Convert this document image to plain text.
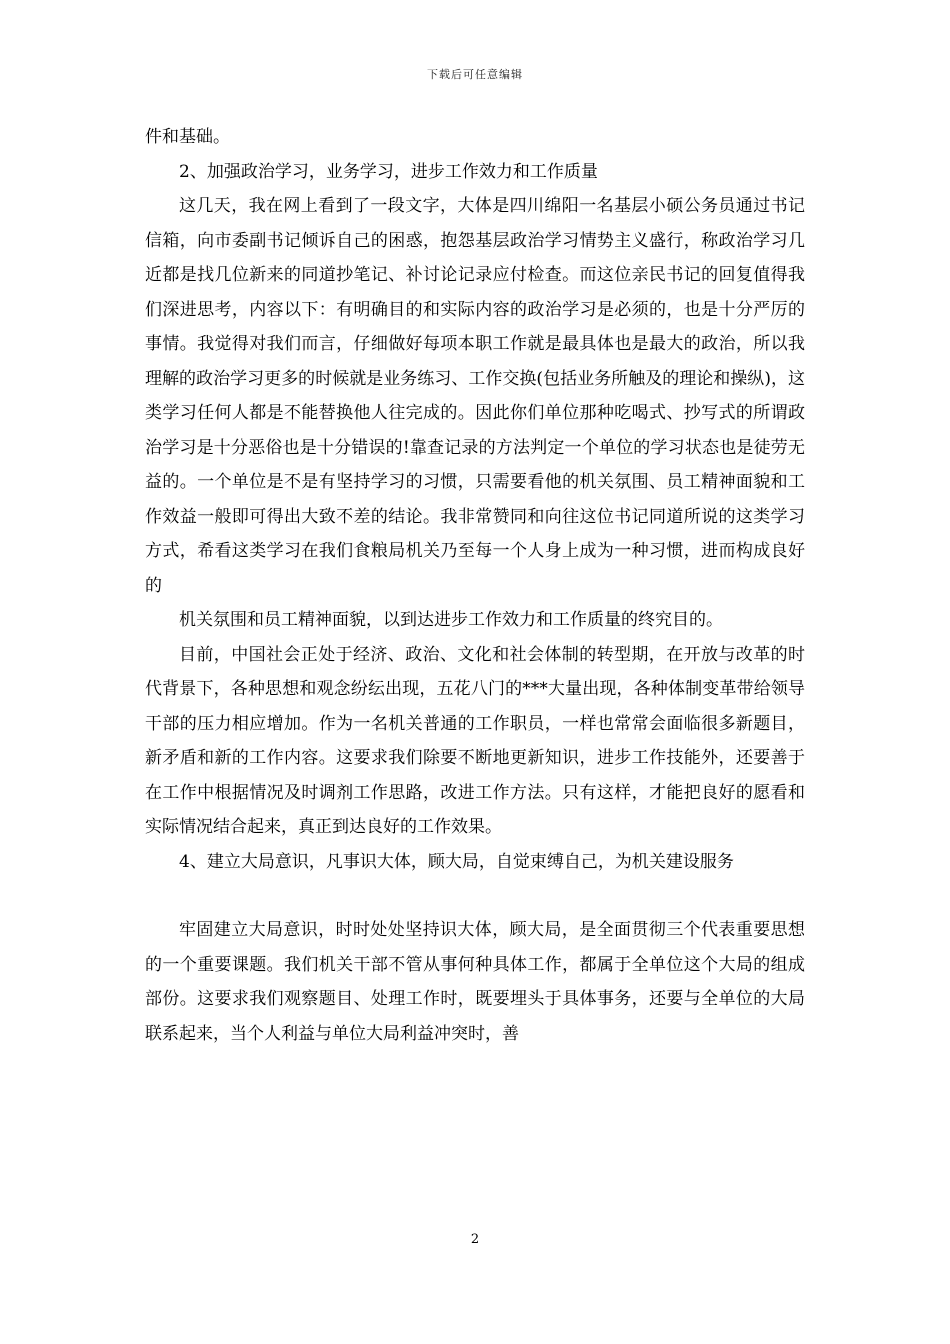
下载后可任意编辑

件和基础。

2、加强政治学习，业务学习，进步工作效力和工作质量

这几天，我在网上看到了一段文字，大体是四川绵阳一名基层小硕公务员通过书记信箱，向市委副书记倾诉自己的困惑，抱怨基层政治学习情势主义盛行，称政治学习几近都是找几位新来的同道抄笔记、补讨论记录应付检查。而这位亲民书记的回复值得我们深进思考，内容以下：有明确目的和实际内容的政治学习是必须的，也是十分严厉的事情。我觉得对我们而言，仔细做好每项本职工作就是最具体也是最大的政治，所以我理解的政治学习更多的时候就是业务练习、工作交换(包括业务所触及的理论和操纵)，这类学习任何人都是不能替换他人往完成的。因此你们单位那种吃喝式、抄写式的所谓政治学习是十分恶俗也是十分错误的!靠查记录的方法判定一个单位的学习状态也是徒劳无益的。一个单位是不是有坚持学习的习惯，只需要看他的机关氛围、员工精神面貌和工作效益一般即可得出大致不差的结论。我非常赞同和向往这位书记同道所说的这类学习方式，希看这类学习在我们食粮局机关乃至每一个人身上成为一种习惯，进而构成良好的

机关氛围和员工精神面貌，以到达进步工作效力和工作质量的终究目的。

目前，中国社会正处于经济、政治、文化和社会体制的转型期，在开放与改革的时代背景下，各种思想和观念纷纭出现，五花八门的***大量出现，各种体制变革带给领导干部的压力相应增加。作为一名机关普通的工作职员，一样也常常会面临很多新题目，新矛盾和新的工作内容。这要求我们除要不断地更新知识，进步工作技能外，还要善于在工作中根据情况及时调剂工作思路，改进工作方法。只有这样，才能把良好的愿看和实际情况结合起来，真正到达良好的工作效果。

4、建立大局意识，凡事识大体，顾大局，自觉束缚自己，为机关建设服务

牢固建立大局意识，时时处处坚持识大体，顾大局，是全面贯彻三个代表重要思想的一个重要课题。我们机关干部不管从事何种具体工作，都属于全单位这个大局的组成部份。这要求我们观察题目、处理工作时，既要埋头于具体事务，还要与全单位的大局联系起来，当个人利益与单位大局利益冲突时，善

2
